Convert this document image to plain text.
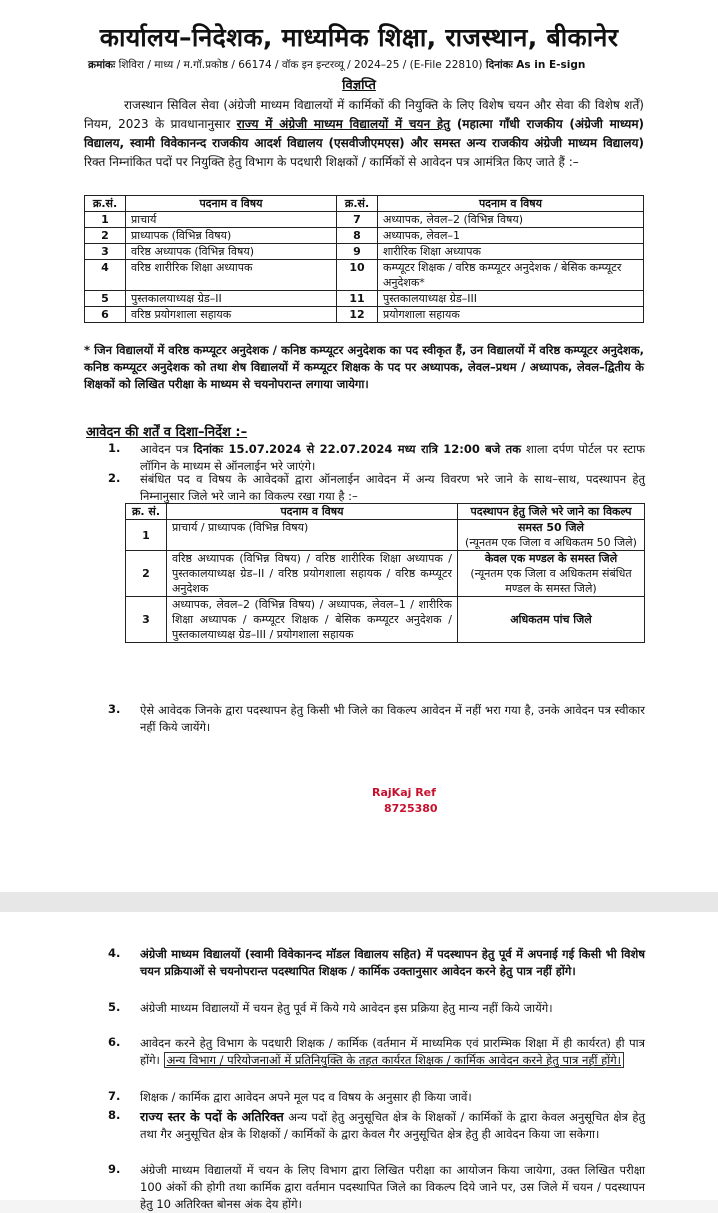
कार्यालय–निदेशक, माध्यमिक शिक्षा, राजस्थान, बीकानेर
क्रमांकः शिविरा / माध्य / म.गॉ.प्रकोष्ठ / 66174 / वॉक इन इन्टरव्यू / 2024–25 / (E-File 22810) दिनांकः As in E-sign
विज्ञप्ति
राजस्थान सिविल सेवा (अंग्रेजी माध्यम विद्यालयों में कार्मिकों की नियुक्ति के लिए विशेष चयन और सेवा की विशेष शर्तें) नियम, 2023 के प्रावधानानुसार राज्य में अंग्रेजी माध्यम विद्यालयों में चयन हेतु (महात्मा गाँधी राजकीय (अंग्रेजी माध्यम) विद्यालय, स्वामी विवेकानन्द राजकीय आदर्श विद्यालय (एसवीजीएमएस) और समस्त अन्य राजकीय अंग्रेजी माध्यम विद्यालय) रिक्त निम्नांकित पदों पर नियुक्ति हेतु विभाग के पदधारी शिक्षकों / कार्मिकों से आवेदन पत्र आमंत्रित किए जाते हैं :–
क्र.सं.	पदनाम व विषय	क्र.सं.	पदनाम व विषय
1	प्राचार्य	7	अध्यापक, लेवल–2 (विभिन्न विषय)
2	प्राध्यापक (विभिन्न विषय)	8	अध्यापक, लेवल–1
3	वरिष्ठ अध्यापक (विभिन्न विषय)	9	शारीरिक शिक्षा अध्यापक
4	वरिष्ठ शारीरिक शिक्षा अध्यापक	10	कम्प्यूटर शिक्षक / वरिष्ठ कम्प्यूटर अनुदेशक / बेसिक कम्प्यूटर अनुदेशक*
5	पुस्तकालयाध्यक्ष ग्रेड–II	11	पुस्तकालयाध्यक्ष ग्रेड–III
6	वरिष्ठ प्रयोगशाला सहायक	12	प्रयोगशाला सहायक
* जिन विद्यालयों में वरिष्ठ कम्प्यूटर अनुदेशक / कनिष्ठ कम्प्यूटर अनुदेशक का पद स्वीकृत हैं, उन विद्यालयों में वरिष्ठ कम्प्यूटर अनुदेशक, कनिष्ठ कम्प्यूटर अनुदेशक को तथा शेष विद्यालयों में कम्प्यूटर शिक्षक के पद पर अध्यापक, लेवल–प्रथम / अध्यापक, लेवल–द्वितीय के शिक्षकों को लिखित परीक्षा के माध्यम से चयनोपरान्त लगाया जायेगा।
आवेदन की शर्तें व दिशा–निर्देश :–
1. आवेदन पत्र दिनांकः 15.07.2024 से 22.07.2024 मध्य रात्रि 12:00 बजे तक शाला दर्पण पोर्टल पर स्टाफ लॉगिन के माध्यम से ऑनलाईन भरे जाएंगे।
2. संबंधित पद व विषय के आवेदकों द्वारा ऑनलाईन आवेदन में अन्य विवरण भरे जाने के साथ–साथ, पदस्थापन हेतु निम्नानुसार जिले भरे जाने का विकल्प रखा गया है :–
क्र. सं.	पदनाम व विषय	पदस्थापन हेतु जिले भरे जाने का विकल्प
1	प्राचार्य / प्राध्यापक (विभिन्न विषय)	समस्त 50 जिले
(न्यूनतम एक जिला व अधिकतम 50 जिले)

2	वरिष्ठ अध्यापक (विभिन्न विषय) / वरिष्ठ शारीरिक शिक्षा अध्यापक / पुस्तकालयाध्यक्ष ग्रेड–II / वरिष्ठ प्रयोगशाला सहायक / वरिष्ठ कम्प्यूटर अनुदेशक	केवल एक मण्डल के समस्त जिले
(न्यूनतम एक जिला व अधिकतम संबंधित मण्डल के समस्त जिले)

3	अध्यापक, लेवल–2 (विभिन्न विषय) / अध्यापक, लेवल–1 / शारीरिक शिक्षा अध्यापक / कम्प्यूटर शिक्षक / बेसिक कम्प्यूटर अनुदेशक / पुस्तकालयाध्यक्ष ग्रेड–III / प्रयोगशाला सहायक	अधिकतम पांच जिले
3. ऐसे आवेदक जिनके द्वारा पदस्थापन हेतु किसी भी जिले का विकल्प आवेदन में नहीं भरा गया है, उनके आवेदन पत्र स्वीकार नहीं किये जायेंगे।
RajKaj Ref
8725380
4. अंग्रेजी माध्यम विद्यालयों (स्वामी विवेकानन्द मॉडल विद्यालय सहित) में पदस्थापन हेतु पूर्व में अपनाई गई किसी भी विशेष चयन प्रक्रियाओं से चयनोपरान्त पदस्थापित शिक्षक / कार्मिक उक्तानुसार आवेदन करने हेतु पात्र नहीं होंगे।
5. अंग्रेजी माध्यम विद्यालयों में चयन हेतु पूर्व में किये गये आवेदन इस प्रक्रिया हेतु मान्य नहीं किये जायेंगे।
6. आवेदन करने हेतु विभाग के पदधारी शिक्षक / कार्मिक (वर्तमान में माध्यमिक एवं प्रारम्भिक शिक्षा में ही कार्यरत) ही पात्र होंगे। अन्य विभाग / परियोजनाओं में प्रतिनियुक्ति के तहत कार्यरत शिक्षक / कार्मिक आवेदन करने हेतु पात्र नहीं होंगे।
7. शिक्षक / कार्मिक द्वारा आवेदन अपने मूल पद व विषय के अनुसार ही किया जावें।
8. राज्य स्तर के पदों के अतिरिक्त अन्य पदों हेतु अनुसूचित क्षेत्र के शिक्षकों / कार्मिकों के द्वारा केवल अनुसूचित क्षेत्र हेतु तथा गैर अनुसूचित क्षेत्र के शिक्षकों / कार्मिकों के द्वारा केवल गैर अनुसूचित क्षेत्र हेतु ही आवेदन किया जा सकेगा।
9. अंग्रेजी माध्यम विद्यालयों में चयन के लिए विभाग द्वारा लिखित परीक्षा का आयोजन किया जायेगा, उक्त लिखित परीक्षा 100 अंकों की होगी तथा कार्मिक द्वारा वर्तमान पदस्थापित जिले का विकल्प दिये जाने पर, उस जिले में चयन / पदस्थापन हेतु 10 अतिरिक्त बोनस अंक देय होंगे।
